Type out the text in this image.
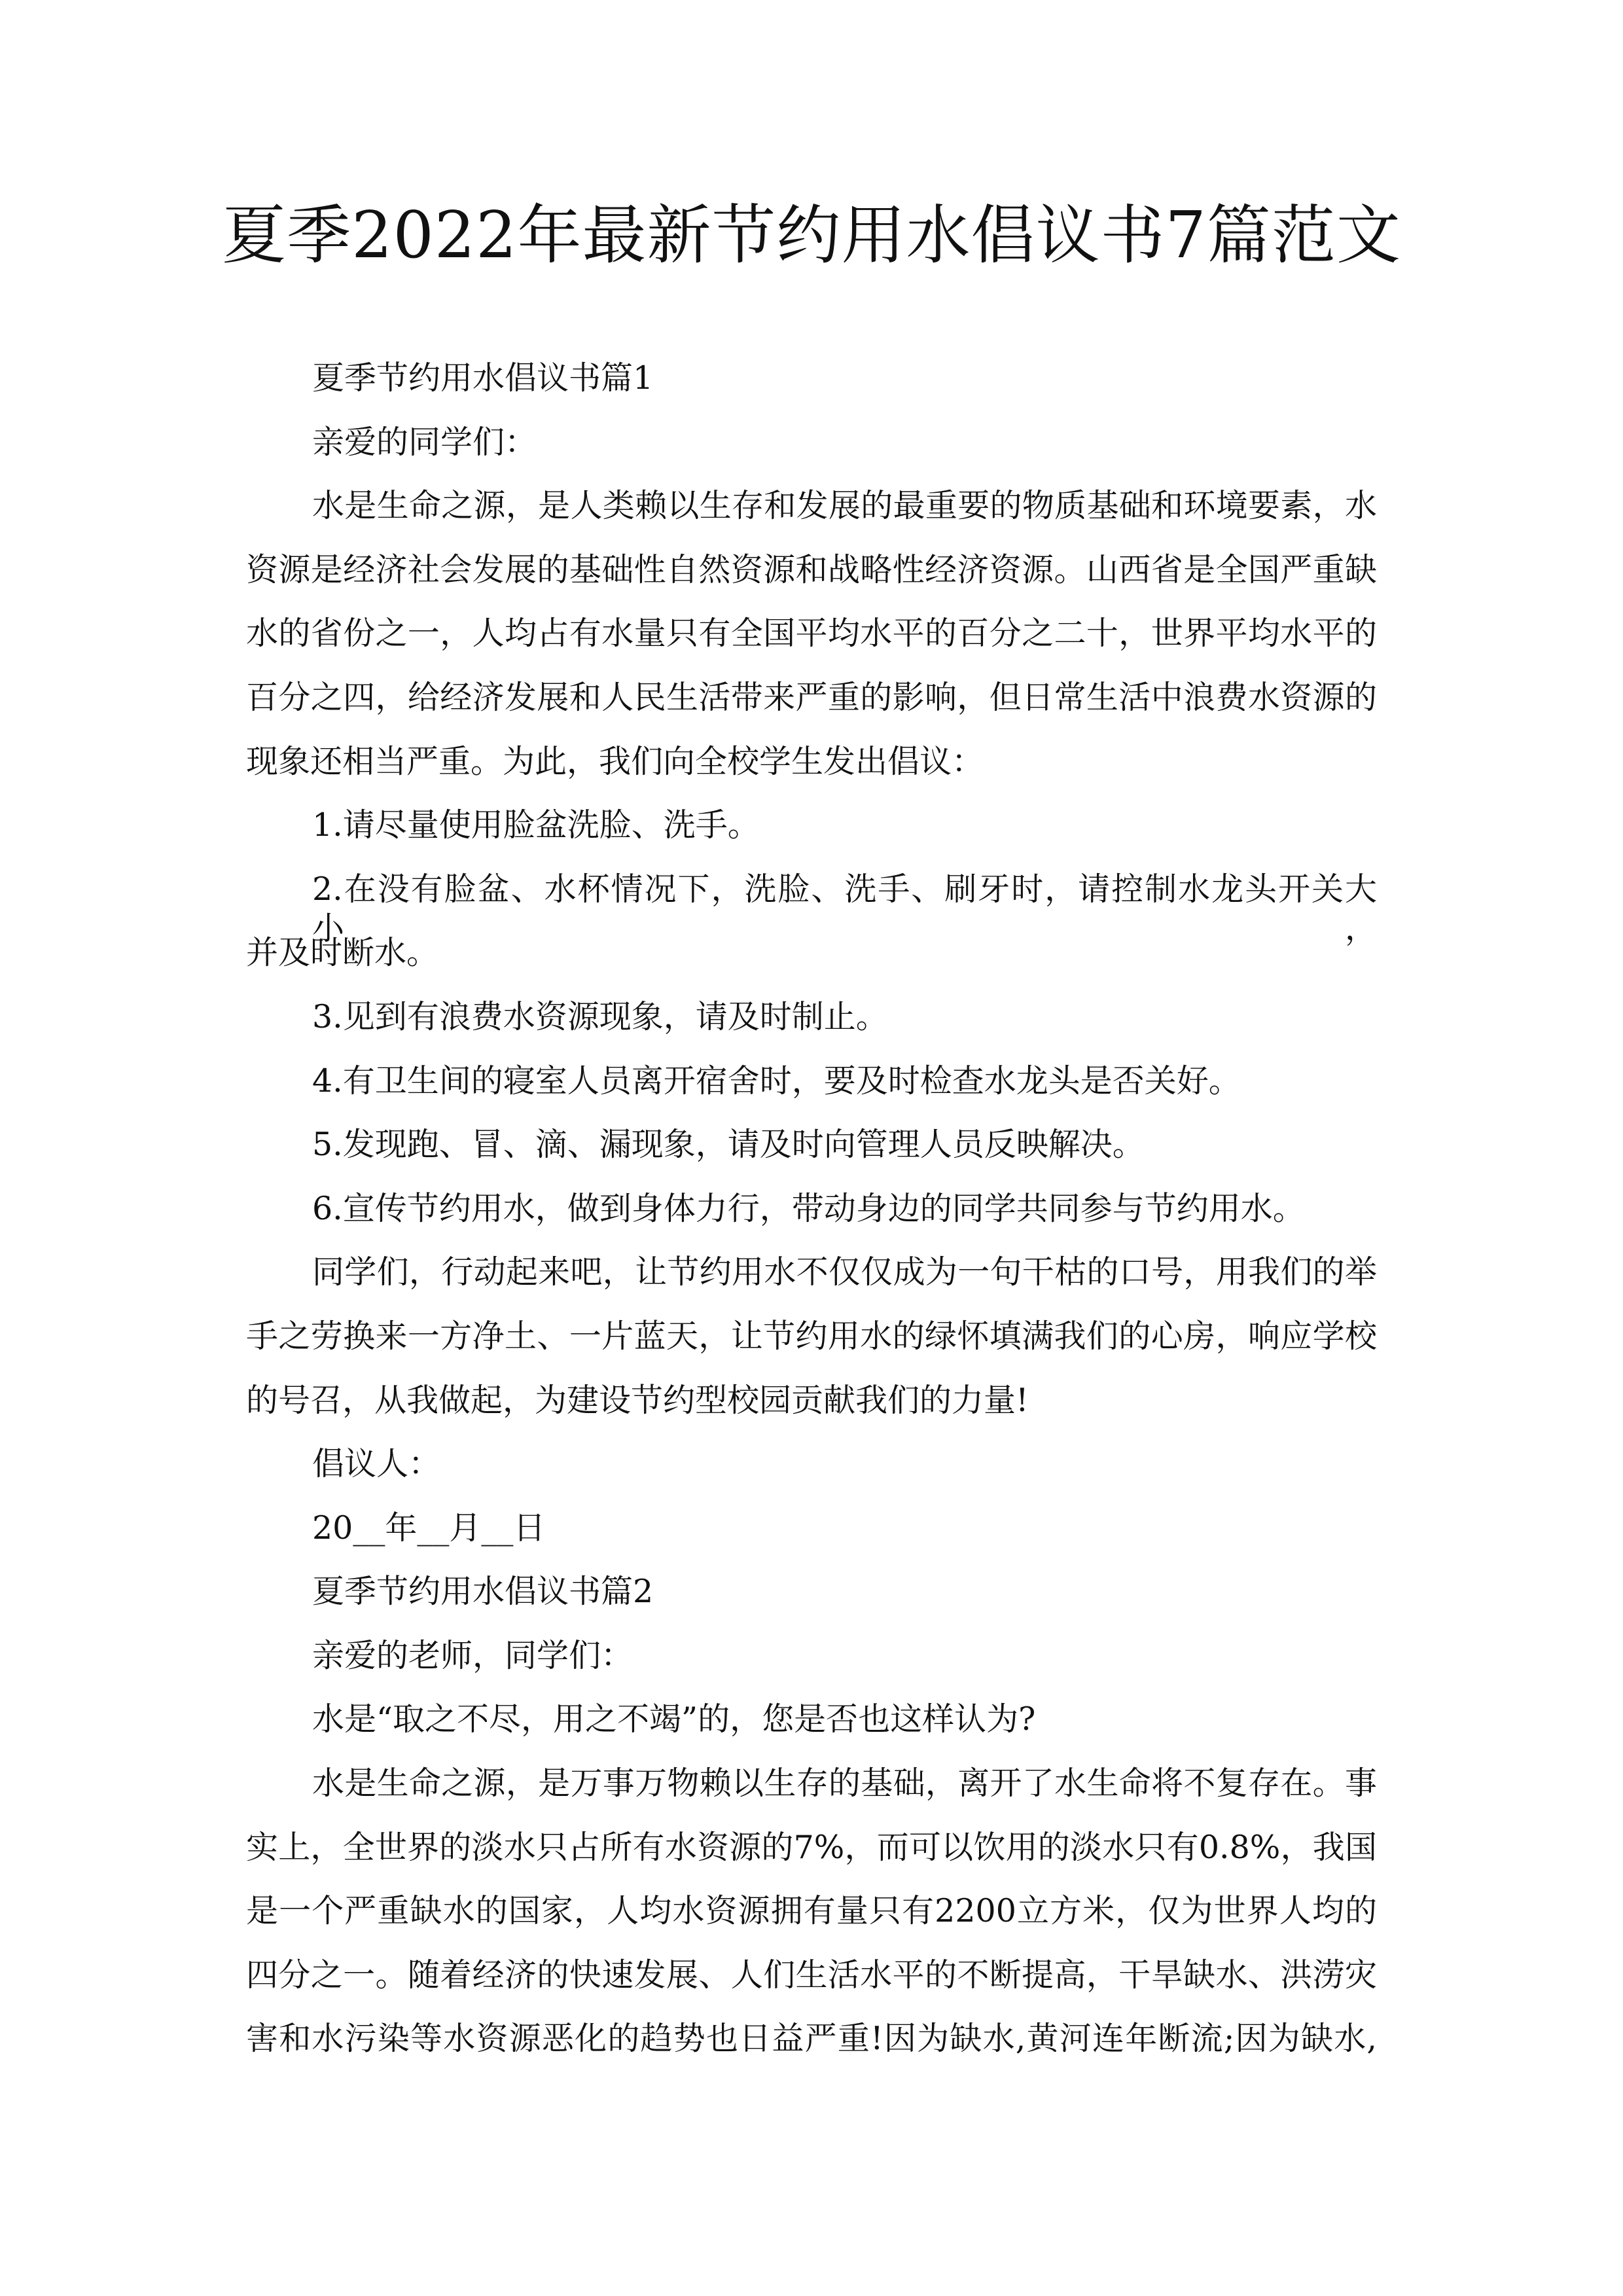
夏季2022年最新节约用水倡议书7篇范文
夏季节约用水倡议书篇1
亲爱的同学们：
水是生命之源，是人类赖以生存和发展的最重要的物质基础和环境要素，水
资源是经济社会发展的基础性自然资源和战略性经济资源。山西省是全国严重缺
水的省份之一，人均占有水量只有全国平均水平的百分之二十，世界平均水平的
百分之四，给经济发展和人民生活带来严重的影响，但日常生活中浪费水资源的
现象还相当严重。为此，我们向全校学生发出倡议：
1.请尽量使用脸盆洗脸、洗手。
2.在没有脸盆、水杯情况下，洗脸、洗手、刷牙时，请控制水龙头开关大小，
并及时断水。
3.见到有浪费水资源现象，请及时制止。
4.有卫生间的寝室人员离开宿舍时，要及时检查水龙头是否关好。
5.发现跑、冒、滴、漏现象，请及时向管理人员反映解决。
6.宣传节约用水，做到身体力行，带动身边的同学共同参与节约用水。
同学们，行动起来吧，让节约用水不仅仅成为一句干枯的口号，用我们的举
手之劳换来一方净土、一片蓝天，让节约用水的绿怀填满我们的心房，响应学校
的号召，从我做起，为建设节约型校园贡献我们的力量!
倡议人：
20__年__月__日
夏季节约用水倡议书篇2
亲爱的老师，同学们：
水是“取之不尽，用之不竭”的，您是否也这样认为?
水是生命之源，是万事万物赖以生存的基础，离开了水生命将不复存在。事
实上，全世界的淡水只占所有水资源的7%，而可以饮用的淡水只有0.8%，我国
是一个严重缺水的国家，人均水资源拥有量只有2200立方米，仅为世界人均的
四分之一。随着经济的快速发展、人们生活水平的不断提高，干旱缺水、洪涝灾
害和水污染等水资源恶化的趋势也日益严重!因为缺水,黄河连年断流;因为缺水,
